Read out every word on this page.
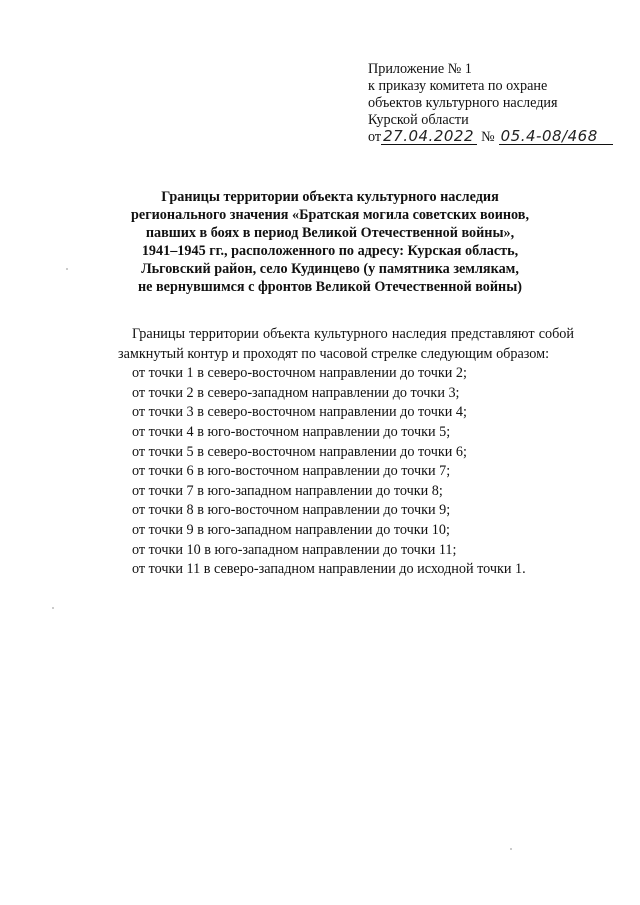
Приложение № 1
к приказу комитета по охране
объектов культурного наследия
Курской области
от 27.04.2022 № 05.4-08/468
Границы территории объекта культурного наследия
регионального значения «Братская могила советских воинов,
павших в боях в период Великой Отечественной войны»,
1941–1945 гг., расположенного по адресу: Курская область,
Льговский район, село Кудинцево (у памятника землякам,
не вернувшимся с фронтов Великой Отечественной войны)

Границы территории объекта культурного наследия представляют собой замкнутый контур и проходят по часовой стрелке следующим образом:

от точки 1 в северо-восточном направлении до точки 2;
от точки 2 в северо-западном направлении до точки 3;
от точки 3 в северо-восточном направлении до точки 4;
от точки 4 в юго-восточном направлении до точки 5;
от точки 5 в северо-восточном направлении до точки 6;
от точки 6 в юго-восточном направлении до точки 7;
от точки 7 в юго-западном направлении до точки 8;
от точки 8 в юго-восточном направлении до точки 9;
от точки 9 в юго-западном направлении до точки 10;
от точки 10 в юго-западном направлении до точки 11;
от точки 11 в северо-западном направлении до исходной точки 1.
